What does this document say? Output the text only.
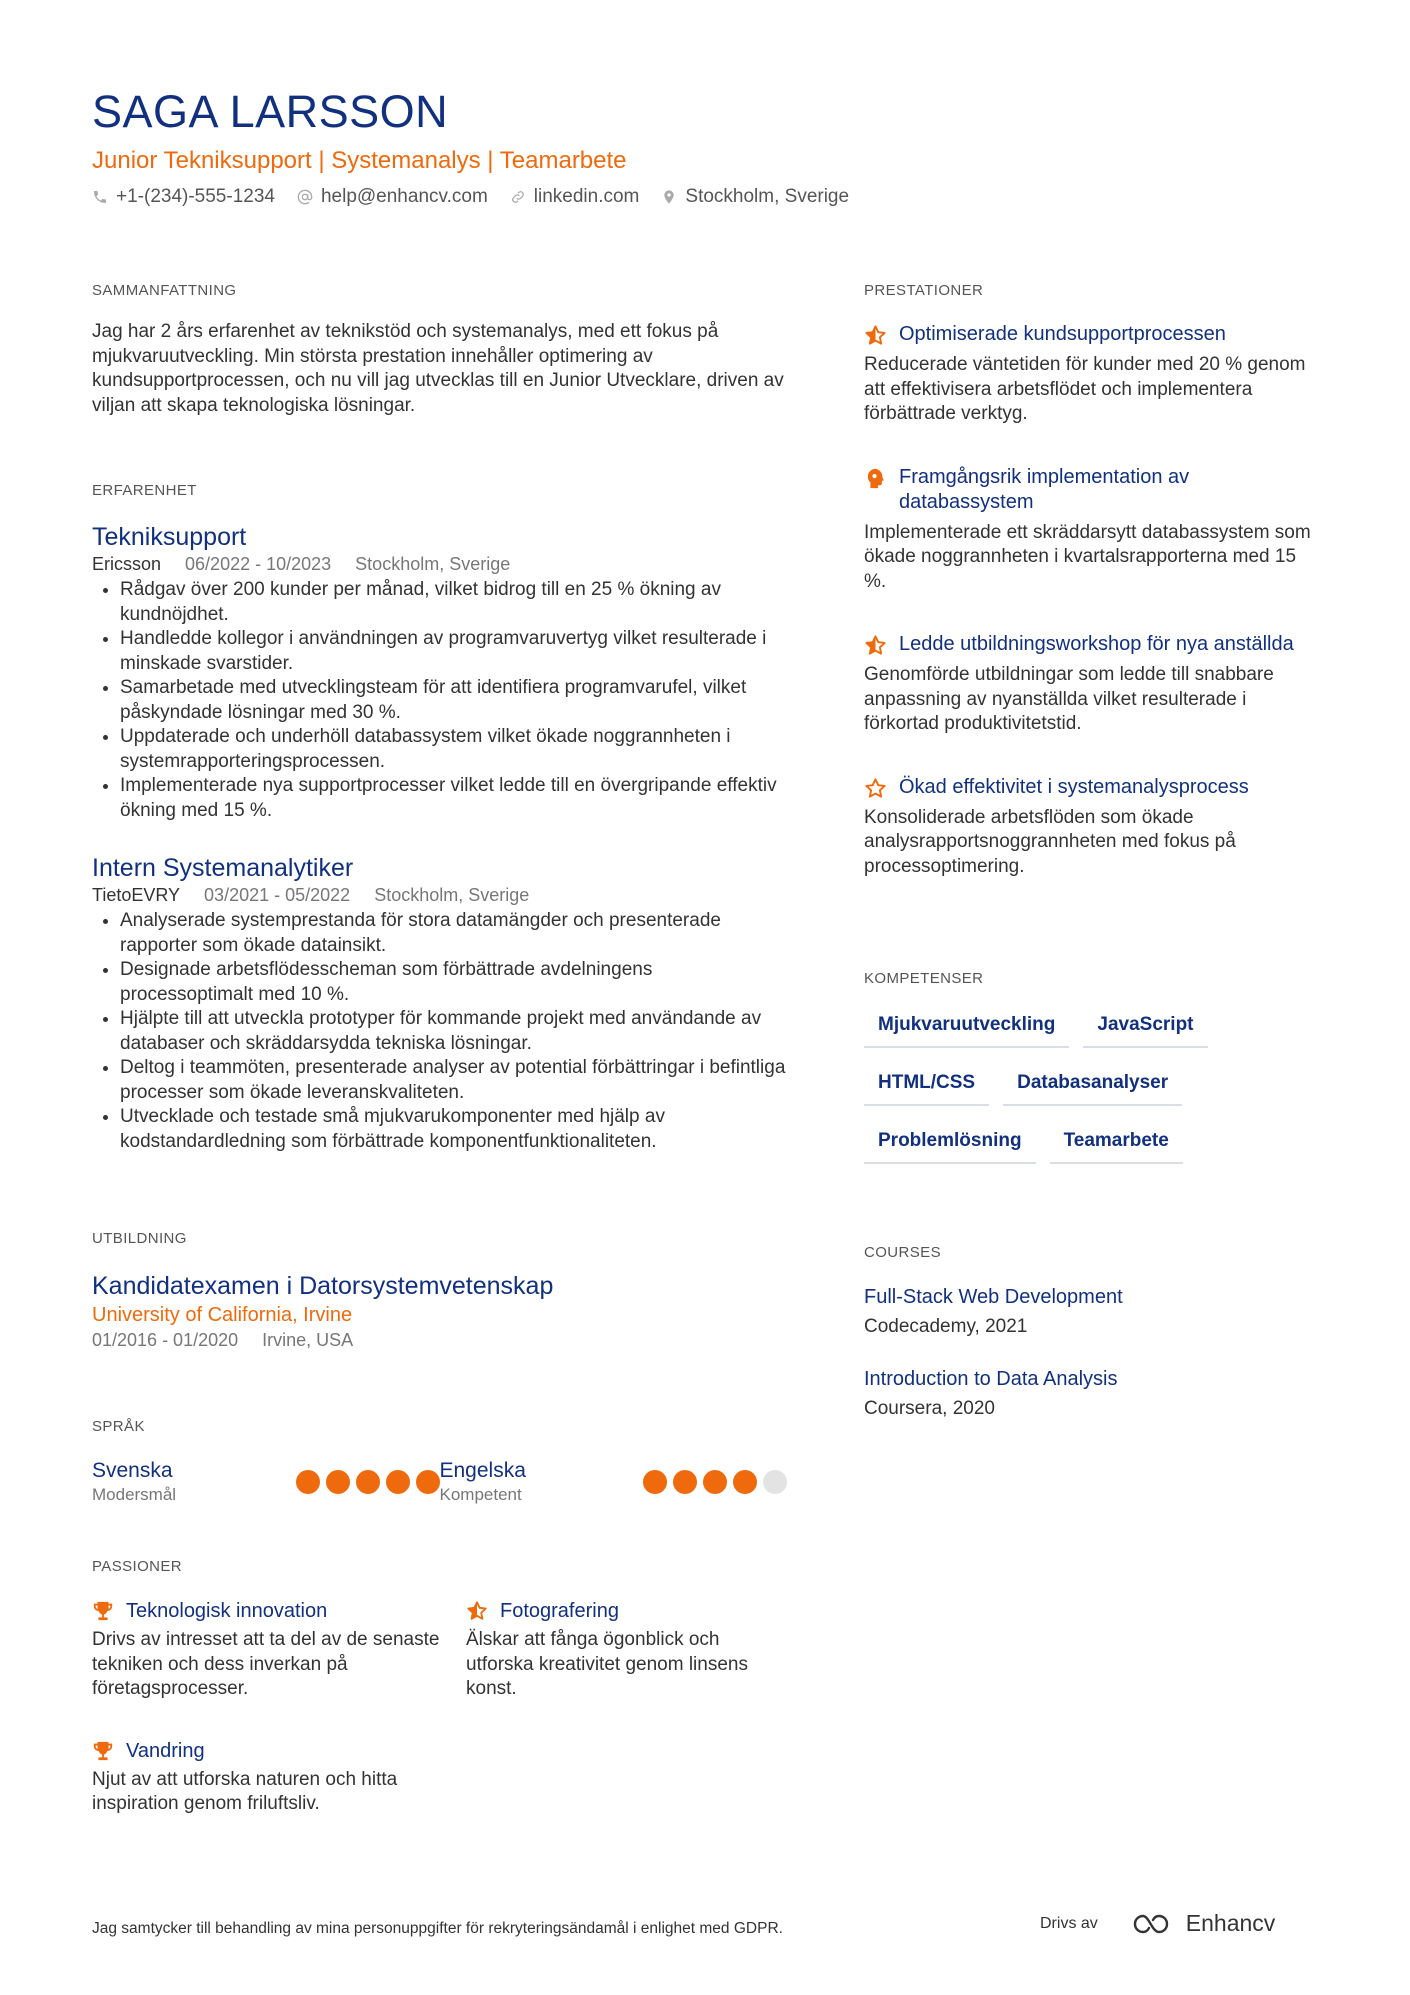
SAGA LARSSON
Junior Tekniksupport | Systemanalys | Teamarbete
+1-(234)-555-1234 help@enhancv.com linkedin.com Stockholm, Sverige
SAMMANFATTNING

Jag har 2 års erfarenhet av teknikstöd och systemanalys, med ett fokus på mjukvaruutveckling. Min största prestation innehåller optimering av kundsupportprocessen, och nu vill jag utvecklas till en Junior Utvecklare, driven av viljan att skapa teknologiska lösningar.

ERFARENHET
Tekniksupport
Ericsson 06/2022 - 10/2023 Stockholm, Sverige
• Rådgav över 200 kunder per månad, vilket bidrog till en 25 % ökning av kundnöjdhet.
• Handledde kollegor i användningen av programvaruvertyg vilket resulterade i minskade svarstider.
• Samarbetade med utvecklingsteam för att identifiera programvarufel, vilket påskyndade lösningar med 30 %.
• Uppdaterade och underhöll databassystem vilket ökade noggrannheten i systemrapporteringsprocessen.
• Implementerade nya supportprocesser vilket ledde till en övergripande effektiv ökning med 15 %.
Intern Systemanalytiker
TietoEVRY 03/2021 - 05/2022 Stockholm, Sverige
• Analyserade systemprestanda för stora datamängder och presenterade rapporter som ökade datainsikt.
• Designade arbetsflödesscheman som förbättrade avdelningens processoptimalt med 10 %.
• Hjälpte till att utveckla prototyper för kommande projekt med användande av databaser och skräddarsydda tekniska lösningar.
• Deltog i teammöten, presenterade analyser av potential förbättringar i befintliga processer som ökade leveranskvaliteten.
• Utvecklade och testade små mjukvarukomponenter med hjälp av kodstandardledning som förbättrade komponentfunktionaliteten.
UTBILDNING
Kandidatexamen i Datorsystemvetenskap
University of California, Irvine
01/2016 - 01/2020 Irvine, USA
SPRÅK
Svenska
Modersmål
Engelska
Kompetent
PASSIONER
Teknologisk innovation
Drivs av intresset att ta del av de senaste tekniken och dess inverkan på företagsprocesser.
Fotografering
Älskar att fånga ögonblick och utforska kreativitet genom linsens konst.
Vandring
Njut av att utforska naturen och hitta inspiration genom friluftsliv.
PRESTATIONER
Optimiserade kundsupportprocessen
Reducerade väntetiden för kunder med 20 % genom att effektivisera arbetsflödet och implementera förbättrade verktyg.
Framgångsrik implementation av databassystem
Implementerade ett skräddarsytt databassystem som ökade noggrannheten i kvartalsrapporterna med 15 %.
Ledde utbildningsworkshop för nya anställda
Genomförde utbildningar som ledde till snabbare anpassning av nyanställda vilket resulterade i förkortad produktivitetstid.
Ökad effektivitet i systemanalysprocess
Konsoliderade arbetsflöden som ökade analysrapportsnoggrannheten med fokus på processoptimering.
KOMPETENSER
Mjukvaruutveckling	JavaScript
HTML/CSS	Databasanalyser
Problemlösning	Teamarbete
COURSES
Full-Stack Web Development
Codecademy, 2021
Introduction to Data Analysis
Coursera, 2020
Jag samtycker till behandling av mina personuppgifter för rekryteringsändamål i enlighet med GDPR.	Drivs av	Enhancv
